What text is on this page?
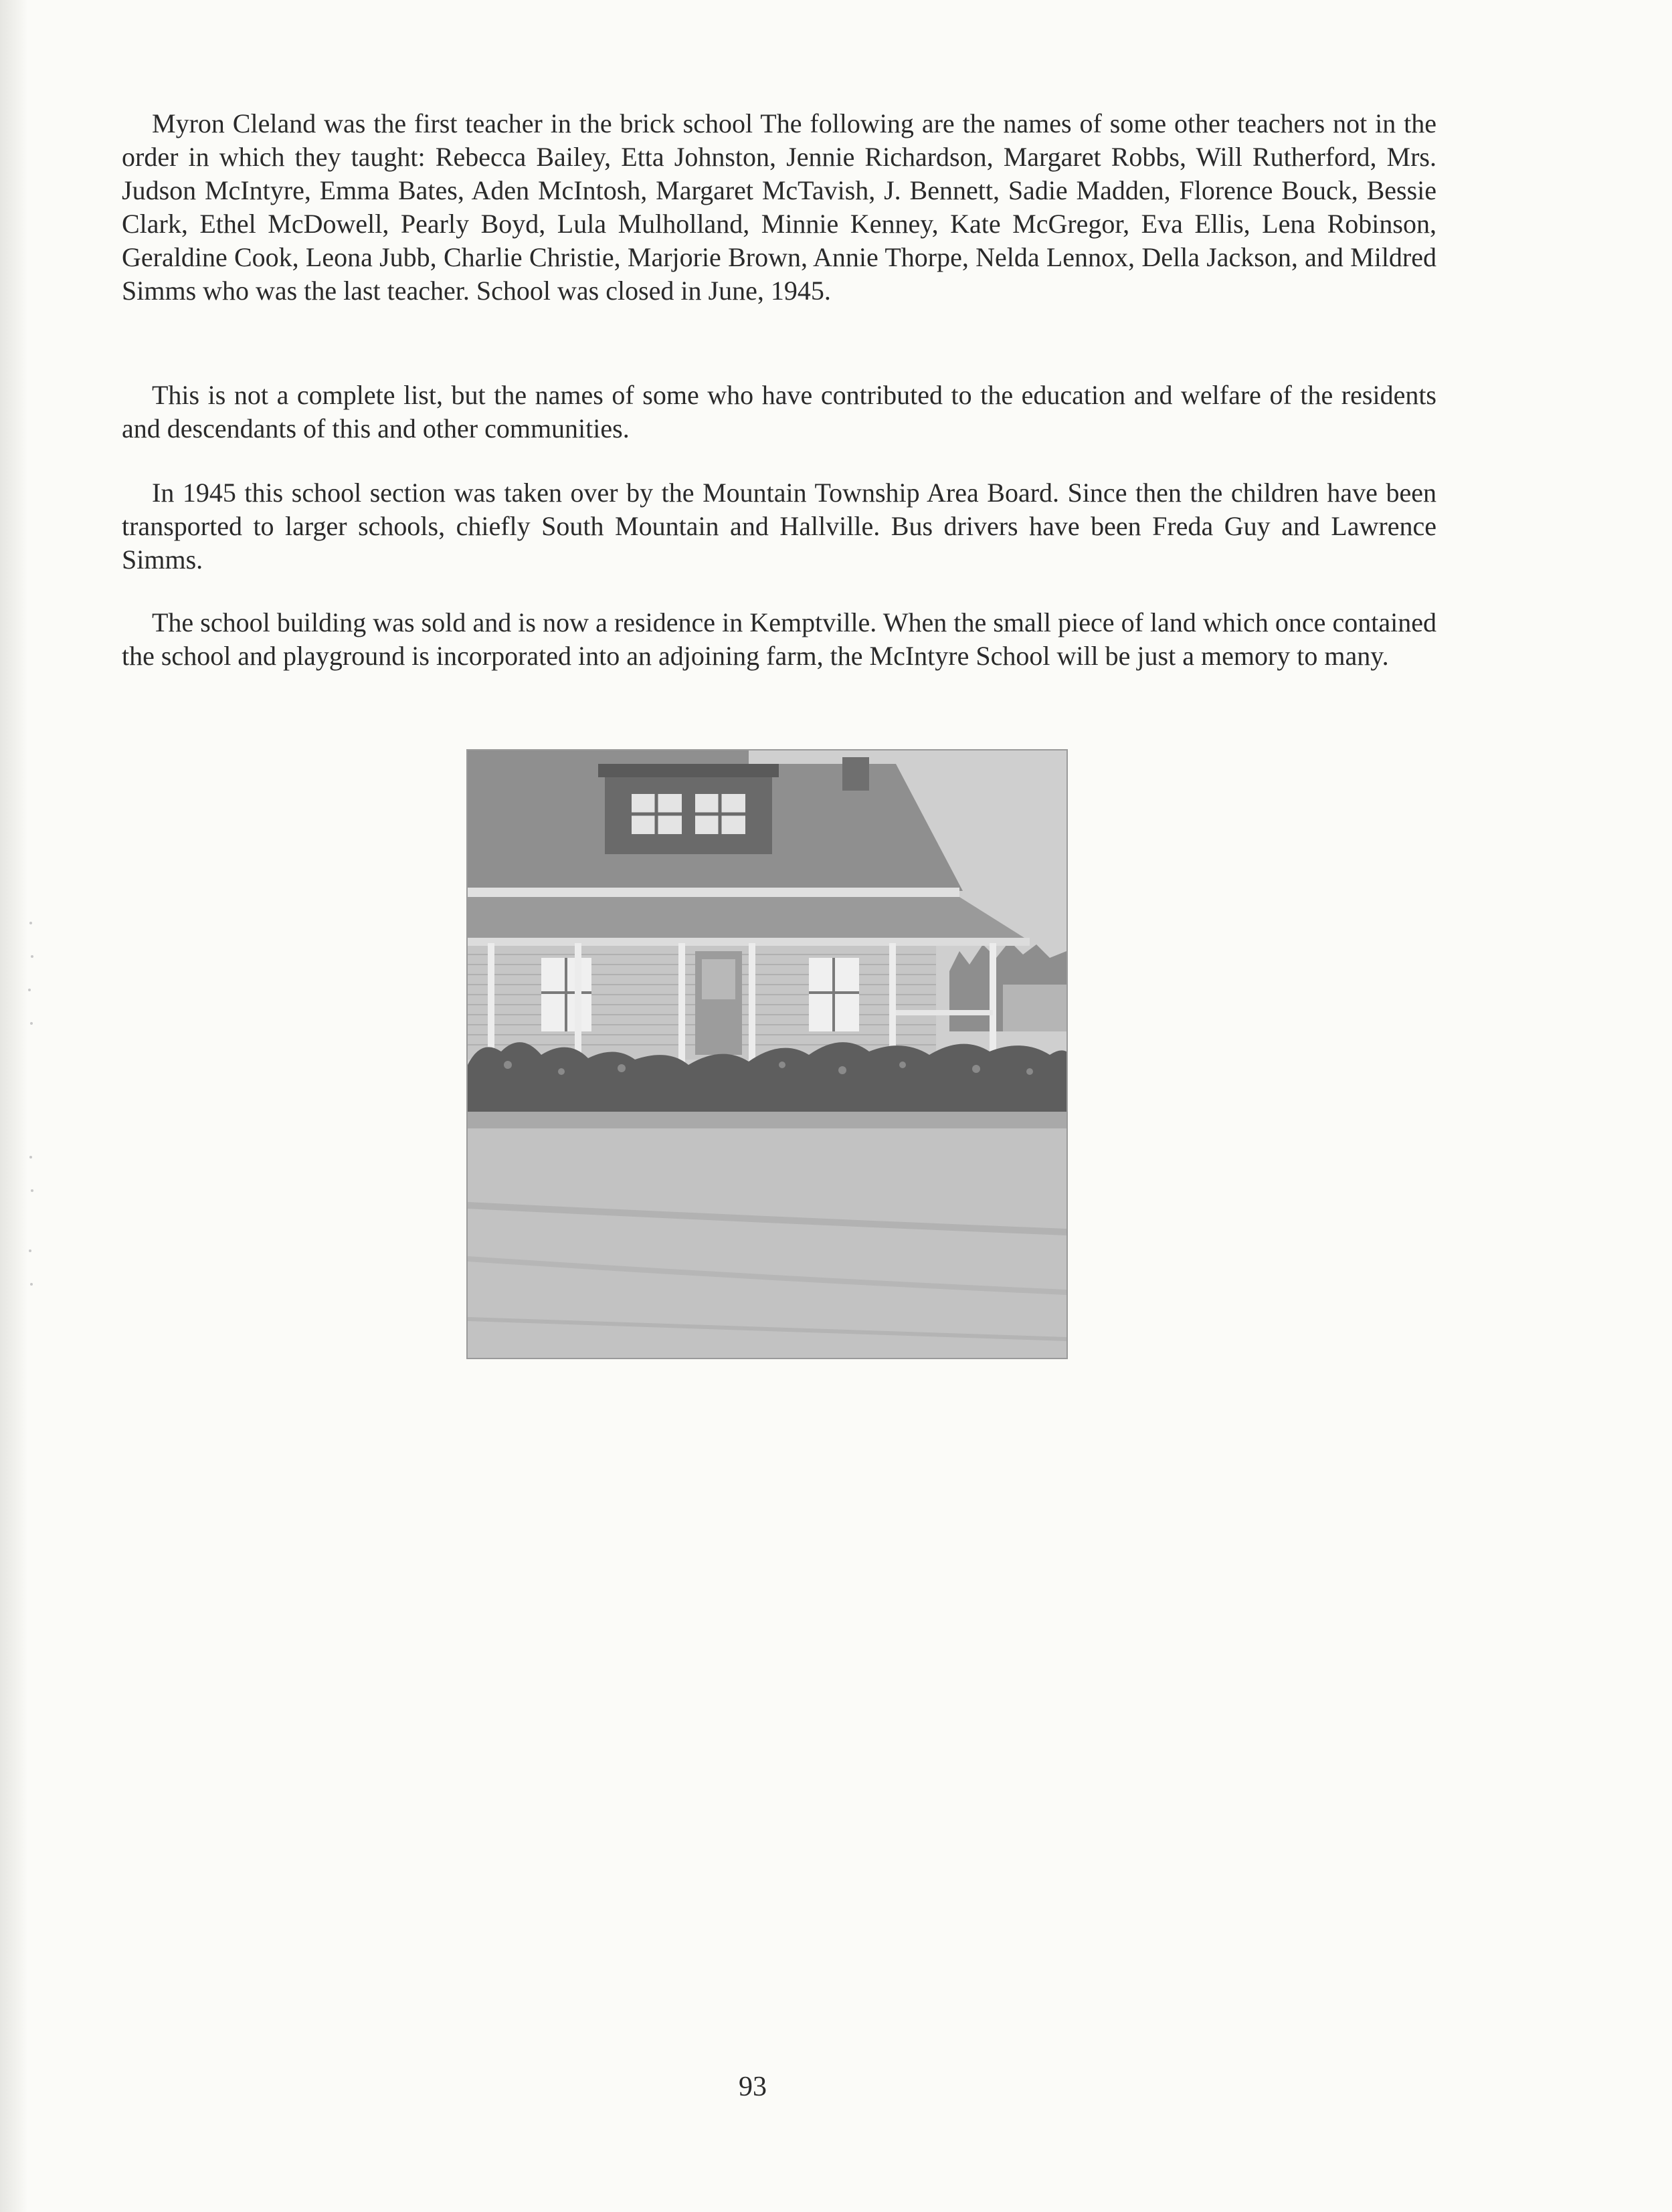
Myron Cleland was the first teacher in the brick school The following are the names of some other teachers not in the order in which they taught: Rebecca Bailey, Etta Johnston, Jennie Richardson, Margaret Robbs, Will Rutherford, Mrs. Judson McIntyre, Emma Bates, Aden McIntosh, Margaret McTavish, J. Bennett, Sadie Madden, Florence Bouck, Bessie Clark, Ethel McDowell, Pearly Boyd, Lula Mulholland, Minnie Kenney, Kate McGregor, Eva Ellis, Lena Robinson, Geraldine Cook, Leona Jubb, Charlie Christie, Marjorie Brown, Annie Thorpe, Nelda Lennox, Della Jackson, and Mildred Simms who was the last teacher. School was closed in June, 1945.

This is not a complete list, but the names of some who have contributed to the education and welfare of the residents and descendants of this and other communities.

In 1945 this school section was taken over by the Mountain Township Area Board. Since then the children have been transported to larger schools, chiefly South Mountain and Hallville. Bus drivers have been Freda Guy and Lawrence Simms.

The school building was sold and is now a residence in Kemptville. When the small piece of land which once contained the school and playground is incorporated into an adjoining farm, the McIntyre School will be just a memory to many.

93
